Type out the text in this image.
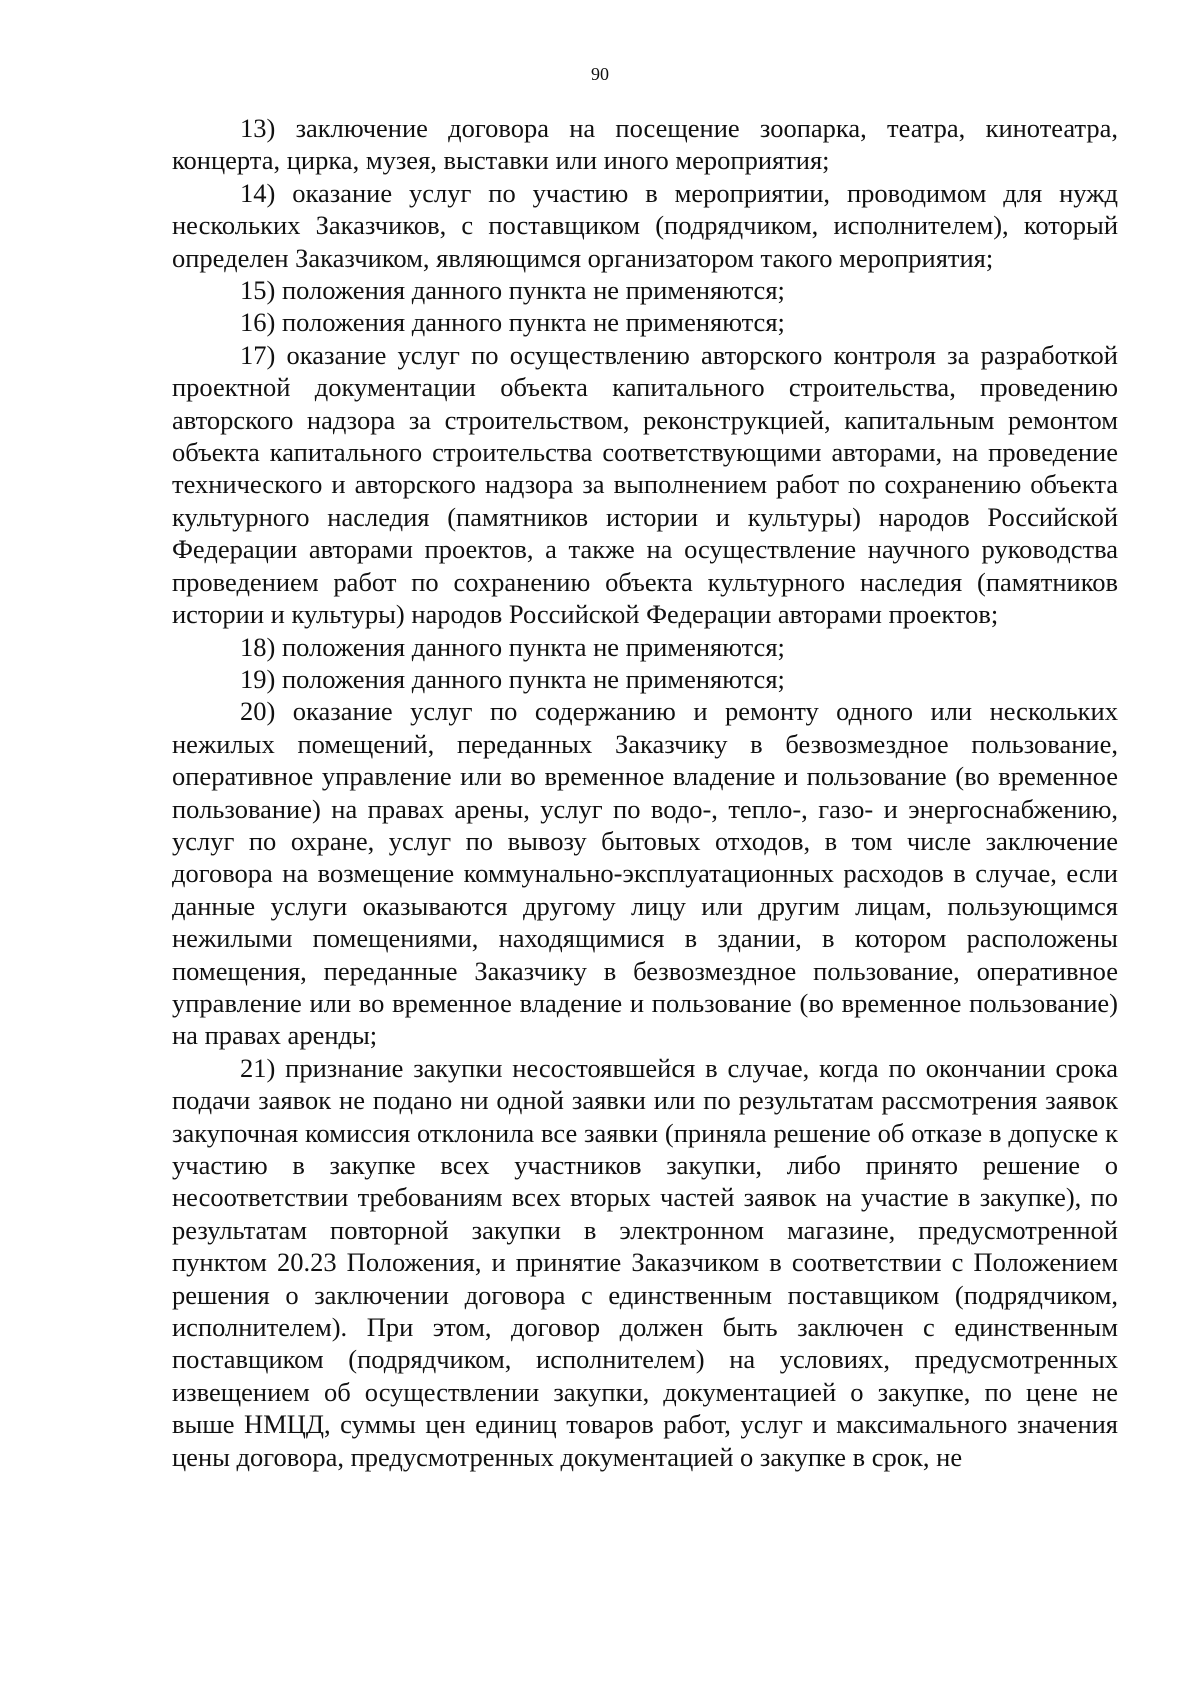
90

13) заключение договора на посещение зоопарка, театра, кинотеатра, концерта, цирка, музея, выставки или иного мероприятия;

14) оказание услуг по участию в мероприятии, проводимом для нужд нескольких Заказчиков, с поставщиком (подрядчиком, исполнителем), который определен Заказчиком, являющимся организатором такого мероприятия;

15) положения данного пункта не применяются;

16) положения данного пункта не применяются;

17) оказание услуг по осуществлению авторского контроля за разработкой проектной документации объекта капитального строительства, проведению авторского надзора за строительством, реконструкцией, капитальным ремонтом объекта капитального строительства соответствующими авторами, на проведение технического и авторского надзора за выполнением работ по сохранению объекта культурного наследия (памятников истории и культуры) народов Российской Федерации авторами проектов, а также на осуществление научного руководства проведением работ по сохранению объекта культурного наследия (памятников истории и культуры) народов Российской Федерации авторами проектов;

18) положения данного пункта не применяются;

19) положения данного пункта не применяются;

20) оказание услуг по содержанию и ремонту одного или нескольких нежилых помещений, переданных Заказчику в безвозмездное пользование, оперативное управление или во временное владение и пользование (во временное пользование) на правах арены, услуг по водо-, тепло-, газо- и энергоснабжению, услуг по охране, услуг по вывозу бытовых отходов, в том числе заключение договора на возмещение коммунально-эксплуатационных расходов в случае, если данные услуги оказываются другому лицу или другим лицам, пользующимся нежилыми помещениями, находящимися в здании, в котором расположены помещения, переданные Заказчику в безвозмездное пользование, оперативное управление или во временное владение и пользование (во временное пользование) на правах аренды;

21) признание закупки несостоявшейся в случае, когда по окончании срока подачи заявок не подано ни одной заявки или по результатам рассмотрения заявок закупочная комиссия отклонила все заявки (приняла решение об отказе в допуске к участию в закупке всех участников закупки, либо принято решение о несоответствии требованиям всех вторых частей заявок на участие в закупке), по результатам повторной закупки в электронном магазине, предусмотренной пунктом 20.23 Положения, и принятие Заказчиком в соответствии с Положением решения о заключении договора с единственным поставщиком (подрядчиком, исполнителем). При этом, договор должен быть заключен с единственным поставщиком (подрядчиком, исполнителем) на условиях, предусмотренных извещением об осуществлении закупки, документацией о закупке, по цене не выше НМЦД, суммы цен единиц товаров работ, услуг и максимального значения цены договора, предусмотренных документацией о закупке в срок, не
